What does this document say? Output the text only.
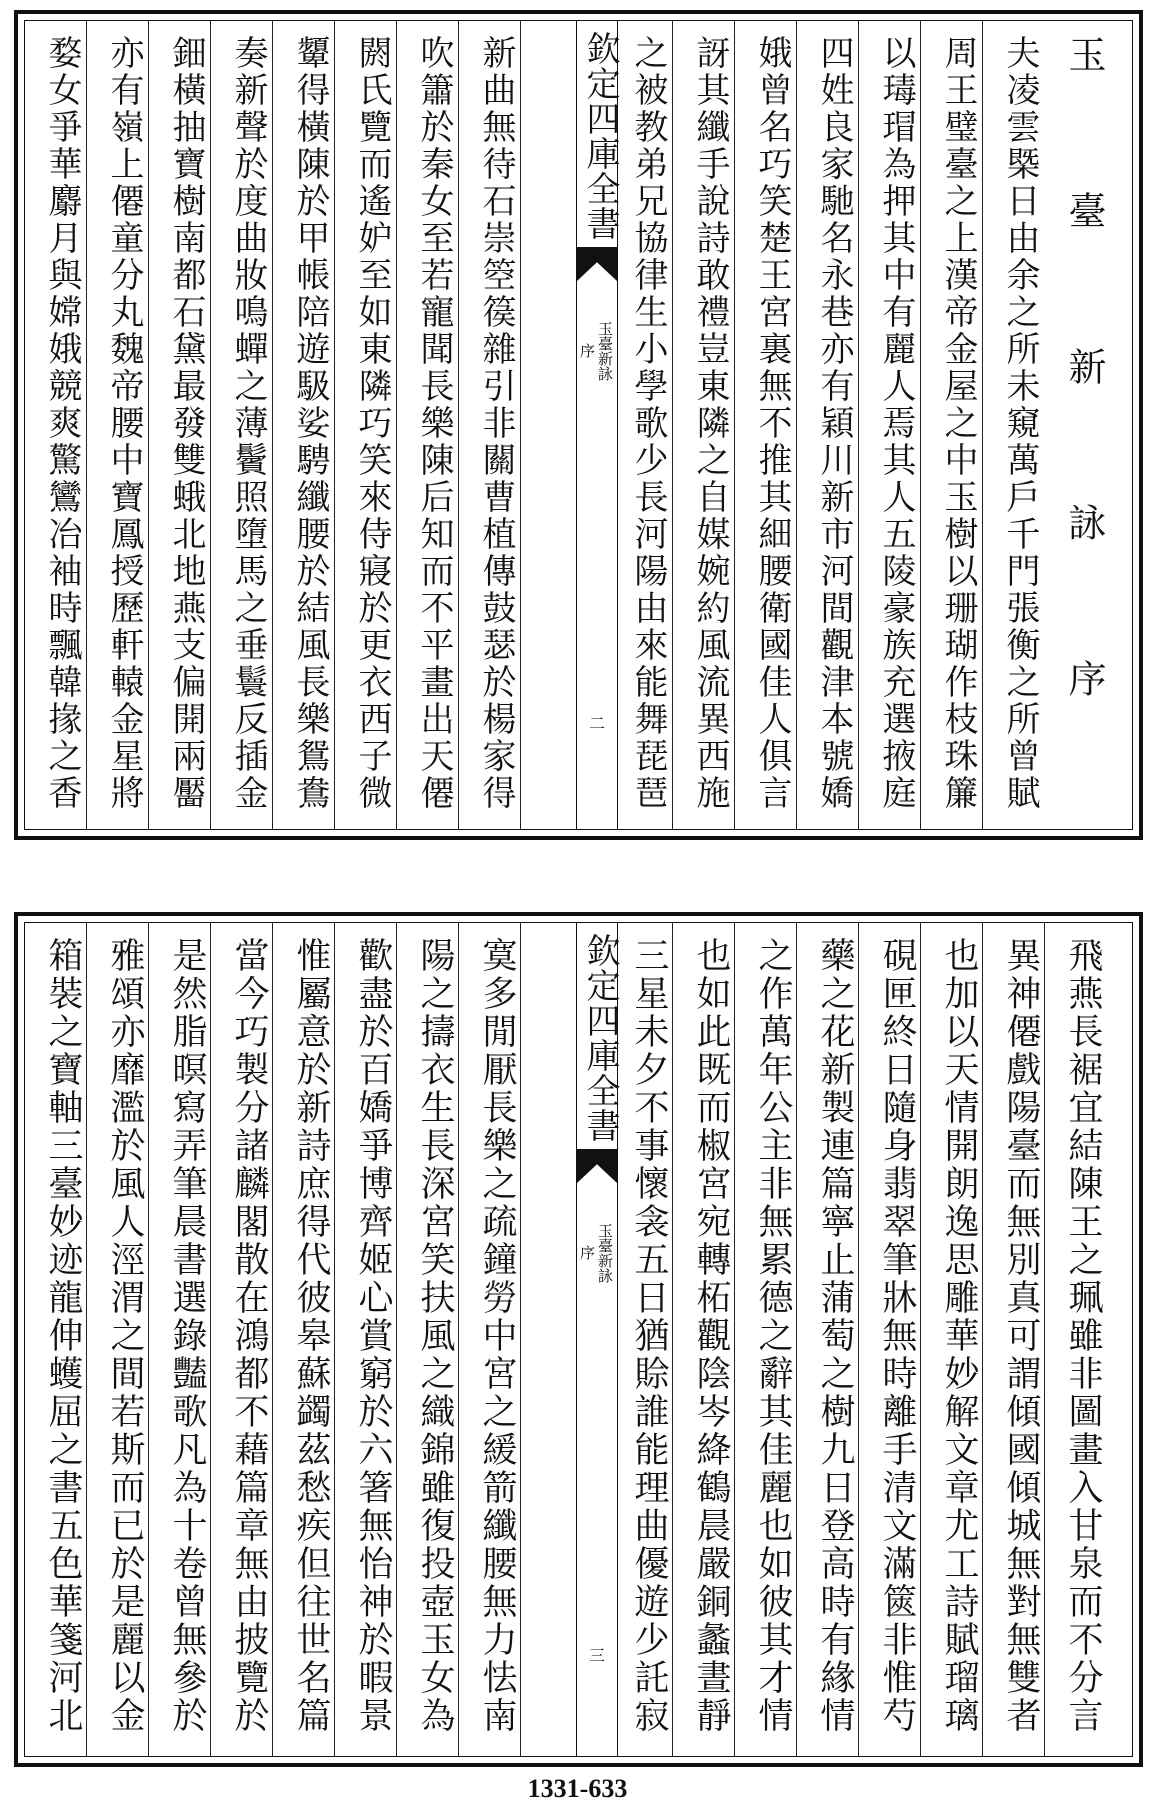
玉臺新詠序
夫凌雲槩日由余之所未窺萬戶千門張衡之所曾賦
周王璧臺之上漢帝金屋之中玉樹以珊瑚作枝珠簾
以瑇瑁為押其中有麗人焉其人五陵豪族充選掖庭
四姓良家馳名永巷亦有穎川新市河間觀津本號嬌
娥曾名巧笑楚王宮裏無不推其細腰衛國佳人俱言
訝其纖手說詩敢禮豈東隣之自媒婉約風流異西施
之被教弟兄協律生小學歌少長河陽由來能舞琵琶
欽定四庫全書
玉臺新詠
序
二
新曲無待石崇箜篌雜引非關曹植傳鼓瑟於楊家得
吹簫於秦女至若寵聞長樂陳后知而不平畫出天僊
閼氏覽而遙妒至如東隣巧笑來侍寢於更衣西子微
顰得橫陳於甲帳陪遊馺娑騁纖腰於結風長樂鴛鴦
奏新聲於度曲妝鳴蟬之薄鬢照墮馬之垂鬟反插金
鈿橫抽寶樹南都石黛最發雙蛾北地燕支偏開兩靨
亦有嶺上僊童分丸魏帝腰中寶鳳授歷軒轅金星將
婺女爭華麝月與嫦娥競爽驚鸞冶袖時飄韓掾之香
飛燕長裾宜結陳王之珮雖非圖畫入甘泉而不分言
異神僊戲陽臺而無別真可謂傾國傾城無對無雙者
也加以天情開朗逸思雕華妙解文章尤工詩賦瑠璃
硯匣終日隨身翡翠筆牀無時離手清文滿篋非惟芍
藥之花新製連篇寧止蒲萄之樹九日登高時有緣情
之作萬年公主非無累德之辭其佳麗也如彼其才情
也如此既而椒宮宛轉柘觀陰岑絳鶴晨嚴銅蠡晝靜
三星未夕不事懷衾五日猶賒誰能理曲優遊少託寂
欽定四庫全書
玉臺新詠
序
三
寞多閒厭長樂之疏鐘勞中宮之緩箭纖腰無力怯南
陽之擣衣生長深宮笑扶風之織錦雖復投壺玉女為
歡盡於百嬌爭博齊姬心賞窮於六箸無怡神於暇景
惟屬意於新詩庶得代彼皋蘇蠲茲愁疾但往世名篇
當今巧製分諸麟閣散在鴻都不藉篇章無由披覽於
是然脂暝寫弄筆晨書選錄豔歌凡為十卷曾無參於
雅頌亦靡濫於風人涇渭之間若斯而已於是麗以金
箱裝之寶軸三臺妙迹龍伸蠖屈之書五色華箋河北
1331-633
